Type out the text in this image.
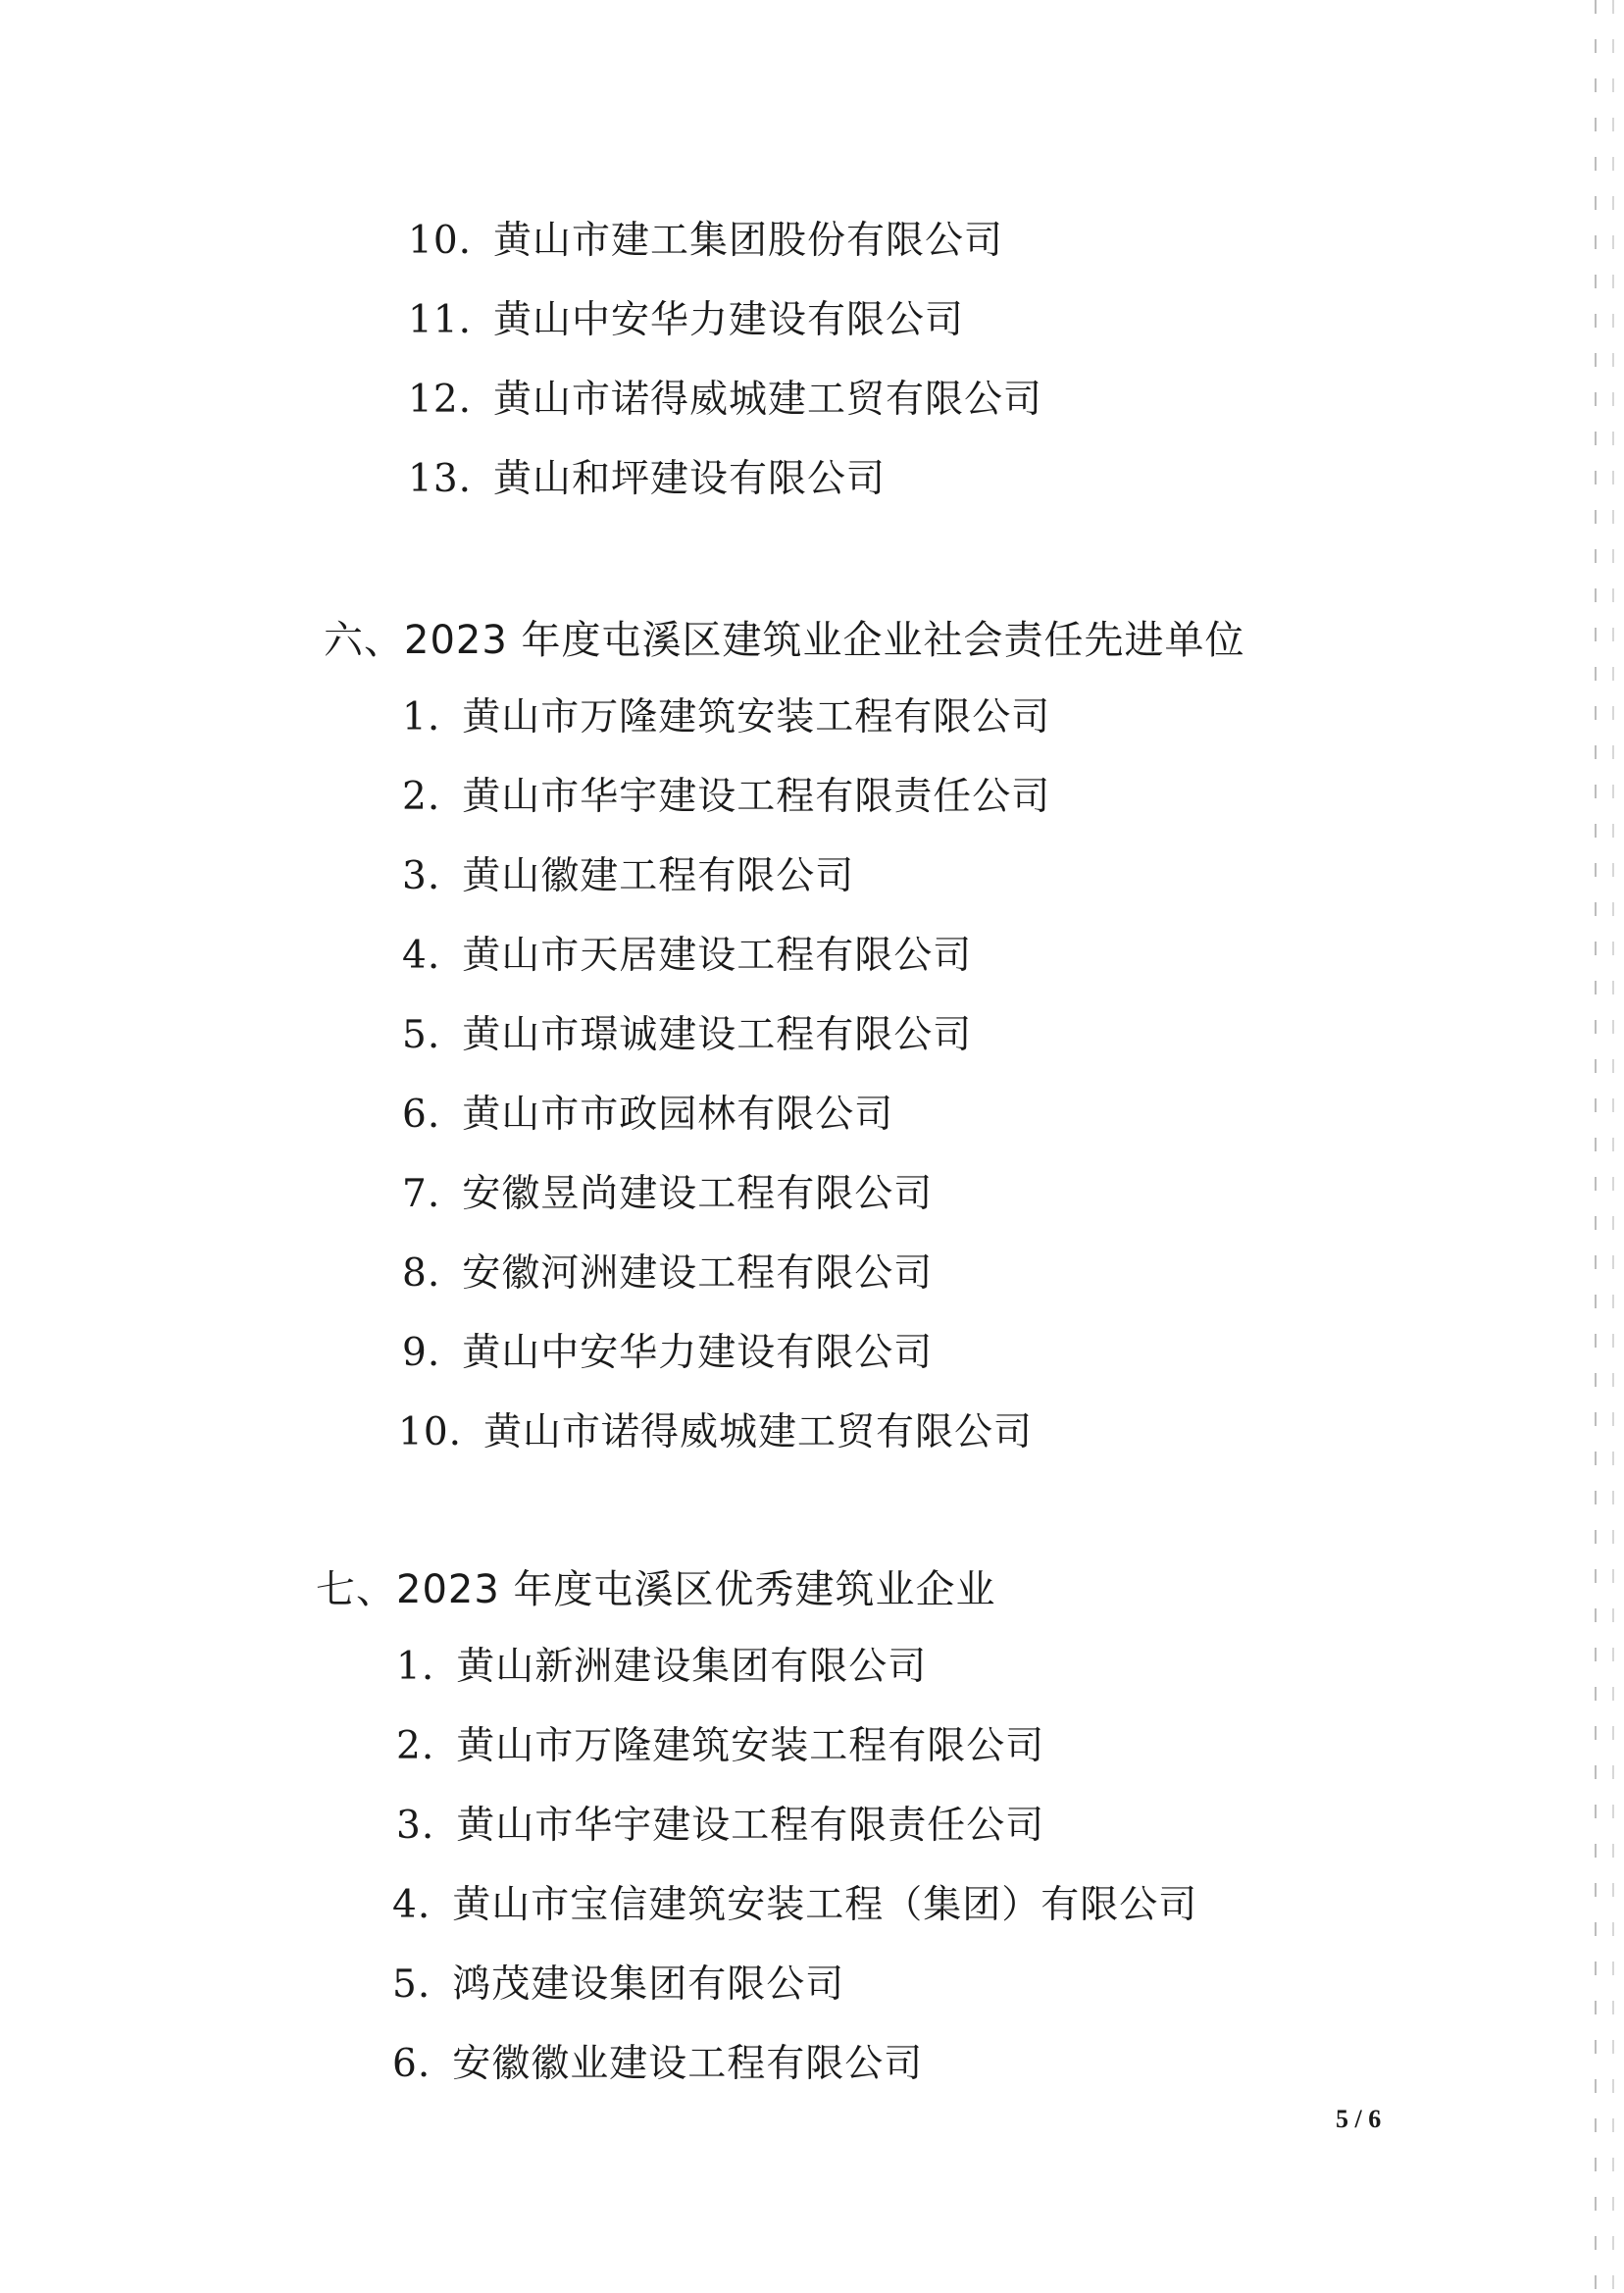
10. 黄山市建工集团股份有限公司
11. 黄山中安华力建设有限公司
12. 黄山市诺得威城建工贸有限公司
13. 黄山和坪建设有限公司
六、2023 年度屯溪区建筑业企业社会责任先进单位
1. 黄山市万隆建筑安装工程有限公司
2. 黄山市华宇建设工程有限责任公司
3. 黄山徽建工程有限公司
4. 黄山市天居建设工程有限公司
5. 黄山市璟诚建设工程有限公司
6. 黄山市市政园林有限公司
7. 安徽昱尚建设工程有限公司
8. 安徽河洲建设工程有限公司
9. 黄山中安华力建设有限公司
10. 黄山市诺得威城建工贸有限公司
七、2023 年度屯溪区优秀建筑业企业
1. 黄山新洲建设集团有限公司
2. 黄山市万隆建筑安装工程有限公司
3. 黄山市华宇建设工程有限责任公司
4. 黄山市宝信建筑安装工程（集团）有限公司
5. 鸿茂建设集团有限公司
6. 安徽徽业建设工程有限公司
5 / 6
